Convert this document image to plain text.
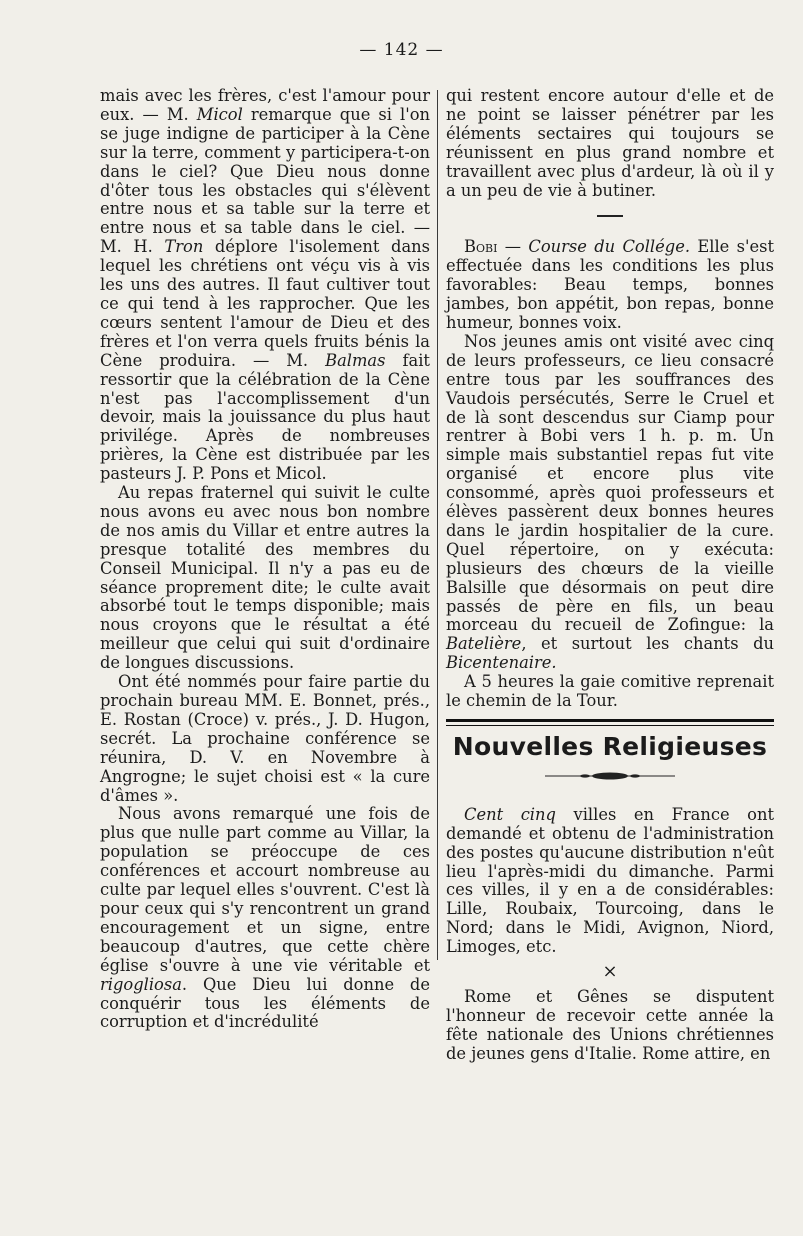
— 142 —

mais avec les frères, c'est l'amour pour eux. — M. Micol remarque que si l'on se juge indigne de participer à la Cène sur la terre, comment y participera-t-on dans le ciel? Que Dieu nous donne d'ôter tous les obstacles qui s'élèvent entre nous et sa table sur la terre et entre nous et sa table dans le ciel. — M. H. Tron déplore l'isolement dans lequel les chrétiens ont véçu vis à vis les uns des autres. Il faut cultiver tout ce qui tend à les rapprocher. Que les cœurs sentent l'amour de Dieu et des frères et l'on verra quels fruits bénis la Cène produira. — M. Balmas fait ressortir que la célébration de la Cène n'est pas l'accomplissement d'un devoir, mais la jouissance du plus haut privilége. Après de nombreuses prières, la Cène est distribuée par les pasteurs J. P. Pons et Micol.

Au repas fraternel qui suivit le culte nous avons eu avec nous bon nombre de nos amis du Villar et entre autres la presque totalité des membres du Conseil Municipal. Il n'y a pas eu de séance proprement dite; le culte avait absorbé tout le temps disponible; mais nous croyons que le résultat a été meilleur que celui qui suit d'ordinaire de longues discussions.

Ont été nommés pour faire partie du prochain bureau MM. E. Bonnet, prés., E. Rostan (Croce) v. prés., J. D. Hugon, secrét. La prochaine conférence se réunira, D. V. en Novembre à Angrogne; le sujet choisi est « la cure d'âmes ».

Nous avons remarqué une fois de plus que nulle part comme au Villar, la population se préoccupe de ces conférences et accourt nombreuse au culte par lequel elles s'ouvrent. C'est là pour ceux qui s'y rencontrent un grand encouragement et un signe, entre beaucoup d'autres, que cette chère église s'ouvre à une vie véritable et rigogliosa. Que Dieu lui donne de conquérir tous les éléments de corruption et d'incrédulité

qui restent encore autour d'elle et de ne point se laisser pénétrer par les éléments sectaires qui toujours se réunissent en plus grand nombre et travaillent avec plus d'ardeur, là où il y a un peu de vie à butiner.

Bobi — Course du Collége. Elle s'est effectuée dans les conditions les plus favorables: Beau temps, bonnes jambes, bon appétit, bon repas, bonne humeur, bonnes voix.

Nos jeunes amis ont visité avec cinq de leurs professeurs, ce lieu consacré entre tous par les souffrances des Vaudois persécutés, Serre le Cruel et de là sont descendus sur Ciamp pour rentrer à Bobi vers 1 h. p. m. Un simple mais substantiel repas fut vite organisé et encore plus vite consommé, après quoi professeurs et élèves passèrent deux bonnes heures dans le jardin hospitalier de la cure. Quel répertoire, on y exécuta: plusieurs des chœurs de la vieille Balsille que désormais on peut dire passés de père en fils, un beau morceau du recueil de Zofingue: la Batelière, et surtout les chants du Bicentenaire.

A 5 heures la gaie comitive reprenait le chemin de la Tour.

Nouvelles Religieuses

Cent cinq villes en France ont demandé et obtenu de l'administration des postes qu'aucune distribution n'eût lieu l'après-midi du dimanche. Parmi ces villes, il y en a de considérables: Lille, Roubaix, Tourcoing, dans le Nord; dans le Midi, Avignon, Niord, Limoges, etc.

×

Rome et Gênes se disputent l'honneur de recevoir cette année la fête nationale des Unions chrétiennes de jeunes gens d'Italie. Rome attire, en
